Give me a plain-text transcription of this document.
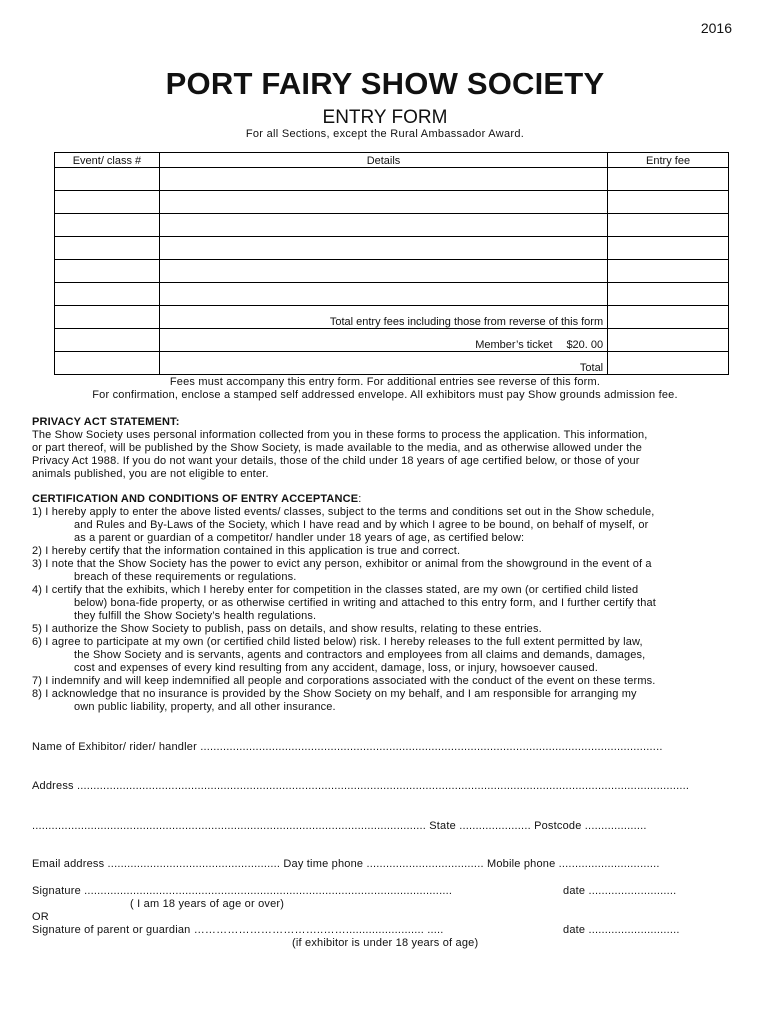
2016
PORT FAIRY SHOW SOCIETY
ENTRY FORM
For all Sections, except the Rural Ambassador Award.
Event/ class #	Details	Entry fee

	Total entry fees including those from reverse of this form	
	Member’s ticket $20. 00	
	Total	
Fees must accompany this entry form. For additional entries see reverse of this form.
For confirmation, enclose a stamped self addressed envelope. All exhibitors must pay Show grounds admission fee.
PRIVACY ACT STATEMENT:
The Show Society uses personal information collected from you in these forms to process the application. This information,
or part thereof, will be published by the Show Society, is made available to the media, and as otherwise allowed under the
Privacy Act 1988. If you do not want your details, those of the child under 18 years of age certified below, or those of your
animals published, you are not eligible to enter.

CERTIFICATION AND CONDITIONS OF ENTRY ACCEPTANCE:

1) I hereby apply to enter the above listed events/ classes, subject to the terms and conditions set out in the Show schedule,

and Rules and By-Laws of the Society, which I have read and by which I agree to be bound, on behalf of myself, or

as a parent or guardian of a competitor/ handler under 18 years of age, as certified below:

2) I hereby certify that the information contained in this application is true and correct.

3) I note that the Show Society has the power to evict any person, exhibitor or animal from the showground in the event of a

breach of these requirements or regulations.

4) I certify that the exhibits, which I hereby enter for competition in the classes stated, are my own (or certified child listed

below) bona-fide property, or as otherwise certified in writing and attached to this entry form, and I further certify that

they fulfill the Show Society’s health regulations.

5) I authorize the Show Society to publish, pass on details, and show results, relating to these entries.

6) I agree to participate at my own (or certified child listed below) risk. I hereby releases to the full extent permitted by law,

the Show Society and is servants, agents and contractors and employees from all claims and demands, damages,

cost and expenses of every kind resulting from any accident, damage, loss, or injury, howsoever caused.

7) I indemnify and will keep indemnified all people and corporations associated with the conduct of the event on these terms.

8) I acknowledge that no insurance is provided by the Show Society on my behalf, and I am responsible for arranging my

own public liability, property, and all other insurance.

Name of Exhibitor/ rider/ handler ..............................................................................................................................................
Address ............................................................................................................................................................................................
......................................................................................................................... State ...................... Postcode ...................
Email address ..................................................... Day time phone .................................... Mobile phone ...............................
Signature .................................................................................................................	date ...........................
( I am 18 years of age or over)
OR
Signature of parent or guardian ……………………………..……........................ .....	date ............................
(if exhibitor is under 18 years of age)
